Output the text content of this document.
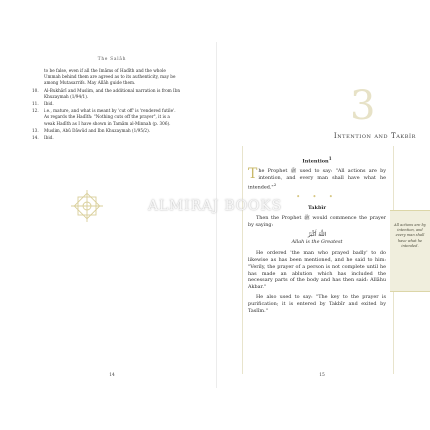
The Salāh

to be false, even if all the Imāms of Hadīth and the whole Ummah behind them are agreed as to its authenticity, may be among Mutasarrifs. May Allāh guide them.

10. Al-Bukhārī and Muslim, and the additional narration is from Ibn Khuzaymah (1/94/1).

11. Ibid.

12. i.e., mature, and what is meant by 'cut off' is 'rendered futile'. As regards the Hadīth: "Nothing cuts off the prayer", it is a weak Hadīth as I have shown in Tamām al-Minnah (p. 306).

13. Muslim, Abū Dāwūd and Ibn Khuzaymah (1/95/2).

14. Ibid.

14
3
Intention and Takbīr
Intention$^1$

The Prophet ﷺ used to say: "All actions are by intention, and every man shall have what he intended."$^2$

• • •
Takbīr

Then the Prophet ﷺ would commence the prayer by saying:

اللَّهُ أَكْبَرُ
Allah is the Greatest

He ordered 'the man who prayed badly' to do likewise as has been mentioned, and he said to him: "Verily, the prayer of a person is not complete until he has made an ablution which has included the necessary parts of the body and has then said: Allāhu Akbar."

He also used to say: "The key to the prayer is purification; it is entered by Takbīr and exited by Taslīm."

15
All actions are by intention, and every man shall have what he intended.
ALMIRAJ BOOKS
